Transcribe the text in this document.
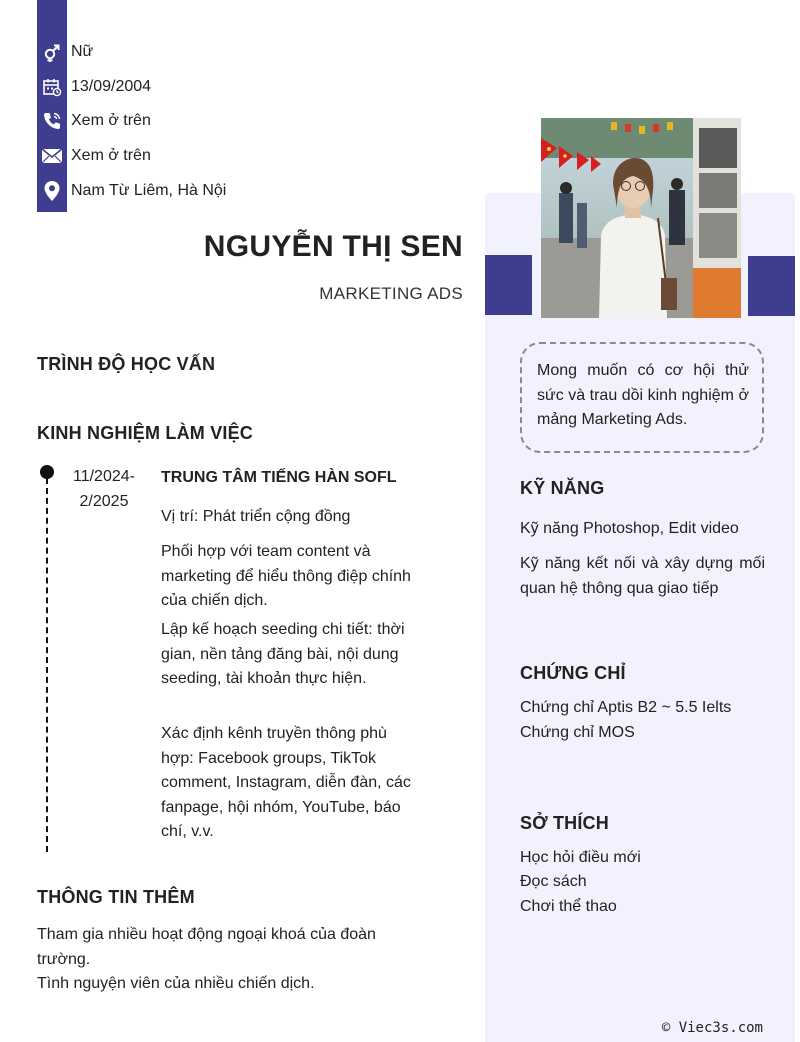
Nữ
13/09/2004
Xem ở trên
Xem ở trên
Nam Từ Liêm, Hà Nội
NGUYỄN THỊ SEN
MARKETING ADS
TRÌNH ĐỘ HỌC VẤN
KINH NGHIỆM LÀM VIỆC
11/2024-
2/2025
TRUNG TÂM TIẾNG HÀN SOFL
Vị trí: Phát triển cộng đồng
Phối hợp với team content và marketing để hiểu thông điệp chính của chiến dịch.
Lập kế hoạch seeding chi tiết: thời gian, nền tảng đăng bài, nội dung seeding, tài khoản thực hiện.
Xác định kênh truyền thông phù hợp: Facebook groups, TikTok comment, Instagram, diễn đàn, các fanpage, hội nhóm, YouTube, báo chí, v.v.
THÔNG TIN THÊM
Tham gia nhiều hoạt động ngoại khoá của đoàn trường.
Tình nguyện viên của nhiều chiến dịch.
Mong muốn có cơ hội thử sức và trau dồi kinh nghiệm ở mảng Marketing Ads.
KỸ NĂNG
Kỹ năng Photoshop, Edit video
Kỹ năng kết nối và xây dựng mối quan hệ thông qua giao tiếp
CHỨNG CHỈ
Chứng chỉ Aptis B2 ~ 5.5 Ielts
Chứng chỉ MOS
SỞ THÍCH
Học hỏi điều mới
Đọc sách
Chơi thể thao
© Viec3s.com
